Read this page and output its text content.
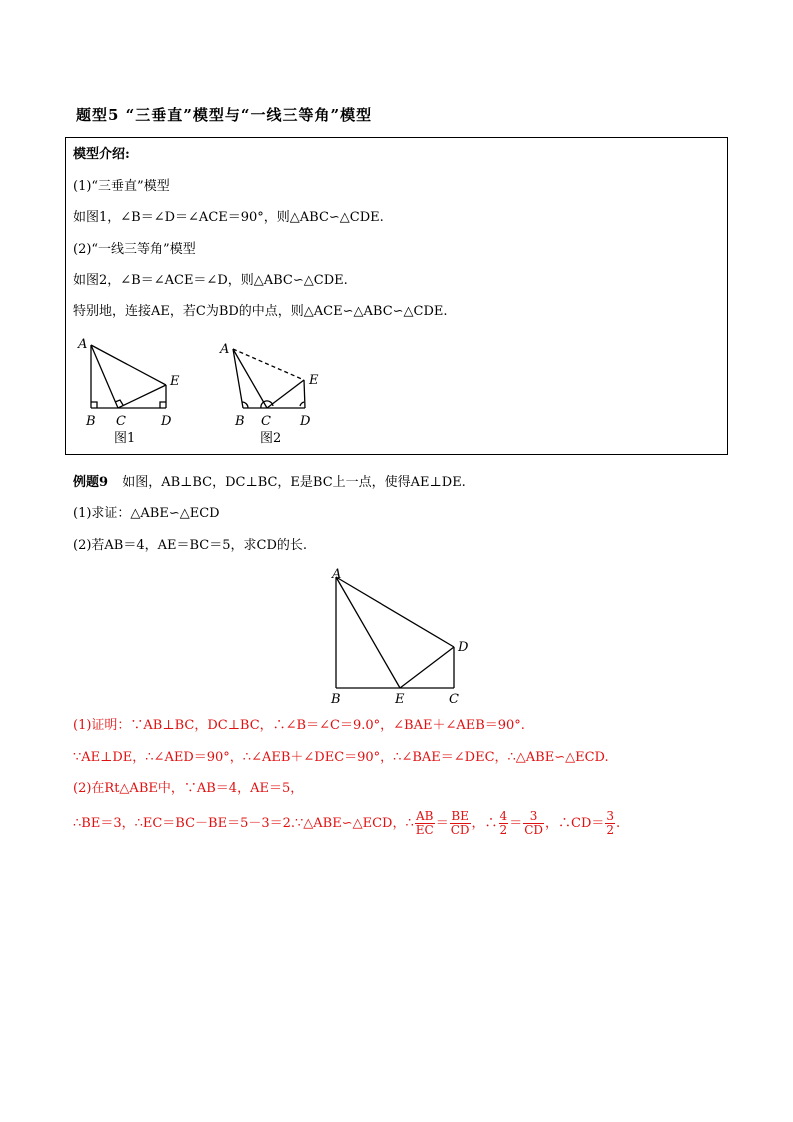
题型5 “三垂直”模型与“一线三等角”模型
模型介绍:
(1)“三垂直”模型
如图1，∠B＝∠D＝∠ACE＝90°，则△ABC∽△CDE.
(2)“一线三等角”模型
如图2，∠B＝∠ACE＝∠D，则△ABC∽△CDE.
特别地，连接AE，若C为BD的中点，则△ACE∽△ABC∽△CDE.
A
B C	D
E
图1
A
B C D
E
图2
例题9 如图，AB⊥BC，DC⊥BC，E是BC上一点，使得AE⊥DE.
(1)求证：△ABE∽△ECD
(2)若AB＝4，AE＝BC＝5，求CD的长.
A
B	E	C
D
(1)证明：∵AB⊥BC，DC⊥BC，∴∠B＝∠C＝9.0°，∠BAE＋∠AEB＝90°.
∵AE⊥DE，∴∠AED＝90°，∴∠AEB＋∠DEC＝90°，∴∠BAE＝∠DEC，∴△ABE∽△ECD.
(2)在Rt△ABE中，∵AB＝4，AE＝5，
∴BE＝3，∴EC＝BC－BE＝5－3＝2.∵△ABE∽△ECD，∴ $\frac{AB}{EC} = \frac{BE}{CD}$ ，∴ $\frac{4}{2} = \frac{3}{CD}$ ，∴CD＝ $\frac{3}{2}$ .
